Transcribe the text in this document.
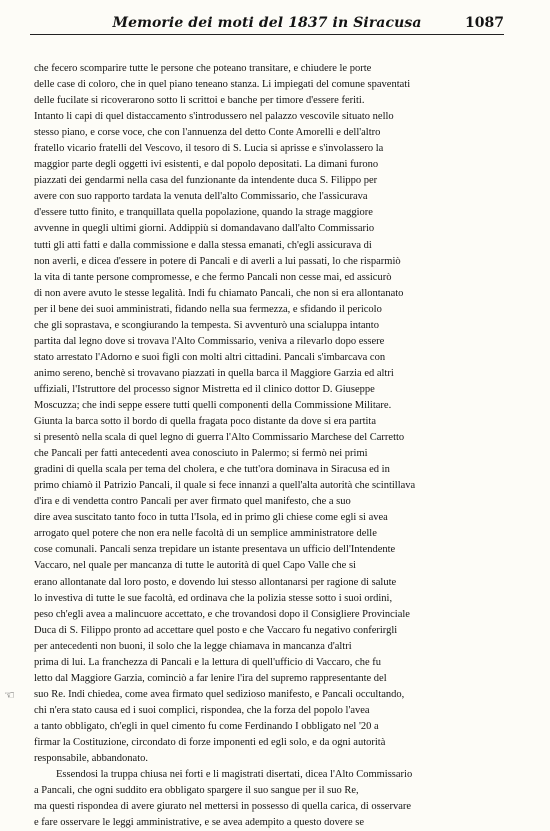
Memorie dei moti del 1837 in Siracusa	1087
☜
che fecero scomparire tutte le persone che poteano transitare, e chiudere le porte
delle case di coloro, che in quel piano teneano stanza. Li impiegati del comune spaventati
delle fucilate si ricoverarono sotto li scrittoi e banche per timore d'essere feriti.
Intanto li capi di quel distaccamento s'introdussero nel palazzo vescovile situato nello
stesso piano, e corse voce, che con l'annuenza del detto Conte Amorelli e dell'altro
fratello vicario fratelli del Vescovo, il tesoro di S. Lucia si aprisse e s'involassero la
maggior parte degli oggetti ivi esistenti, e dal popolo depositati. La dimani furono
piazzati dei gendarmi nella casa del funzionante da intendente duca S. Filippo per
avere con suo rapporto tardata la venuta dell'alto Commissario, che l'assicurava
d'essere tutto finito, e tranquillata quella popolazione, quando la strage maggiore
avvenne in quegli ultimi giorni. Addippiù si domandavano dall'alto Commissario
tutti gli atti fatti e dalla commissione e dalla stessa emanati, ch'egli assicurava di
non averli, e dicea d'essere in potere di Pancali e di averli a lui passati, lo che risparmiò
la vita di tante persone compromesse, e che fermo Pancali non cesse mai, ed assicurò
di non avere avuto le stesse legalità. Indi fu chiamato Pancali, che non si era allontanato
per il bene dei suoi amministrati, fidando nella sua fermezza, e sfidando il pericolo
che gli soprastava, e scongiurando la tempesta. Si avventurò una scialuppa intanto
partita dal legno dove si trovava l'Alto Commissario, veniva a rilevarlo dopo essere
stato arrestato l'Adorno e suoi figli con molti altri cittadini. Pancali s'imbarcava con
animo sereno, benchè si trovavano piazzati in quella barca il Maggiore Garzia ed altri
uffiziali, l'Istruttore del processo signor Mistretta ed il clinico dottor D. Giuseppe
Moscuzza; che indi seppe essere tutti quelli componenti della Commissione Militare.
Giunta la barca sotto il bordo di quella fragata poco distante da dove si era partita
si presentò nella scala di quel legno di guerra l'Alto Commissario Marchese del Carretto
che Pancali per fatti antecedenti avea conosciuto in Palermo; si fermò nei primi
gradini di quella scala per tema del cholera, e che tutt'ora dominava in Siracusa ed in
primo chiamò il Patrizio Pancali, il quale si fece innanzi a quell'alta autorità che scintillava
d'ira e di vendetta contro Pancali per aver firmato quel manifesto, che a suo
dire avea suscitato tanto foco in tutta l'Isola, ed in primo gli chiese come egli si avea
arrogato quel potere che non era nelle facoltà di un semplice amministratore delle
cose comunali. Pancali senza trepidare un istante presentava un ufficio dell'Intendente
Vaccaro, nel quale per mancanza di tutte le autorità di quel Capo Valle che si
erano allontanate dal loro posto, e dovendo lui stesso allontanarsi per ragione di salute
lo investiva di tutte le sue facoltà, ed ordinava che la polizia stesse sotto i suoi ordini,
peso ch'egli avea a malincuore accettato, e che trovandosi dopo il Consigliere Provinciale
Duca di S. Filippo pronto ad accettare quel posto e che Vaccaro fu negativo conferirgli
per antecedenti non buoni, il solo che la legge chiamava in mancanza d'altri
prima di lui. La franchezza di Pancali e la lettura di quell'ufficio di Vaccaro, che fu
letto dal Maggiore Garzia, cominciò a far lenire l'ira del supremo rappresentante del
suo Re. Indi chiedea, come avea firmato quel sedizioso manifesto, e Pancali occultando,
chi n'era stato causa ed i suoi complici, rispondea, che la forza del popolo l'avea
a tanto obbligato, ch'egli in quel cimento fu come Ferdinando I obbligato nel '20 a
firmar la Costituzione, circondato di forze imponenti ed egli solo, e da ogni autorità
responsabile, abbandonato.
Essendosi la truppa chiusa nei forti e li magistrati disertati, dicea l'Alto Commissario
a Pancali, che ogni suddito era obbligato spargere il suo sangue per il suo Re,
ma questi rispondea di avere giurato nel mettersi in possesso di quella carica, di osservare
e fare osservare le leggi amministrative, e se avea adempito a questo dovere se
